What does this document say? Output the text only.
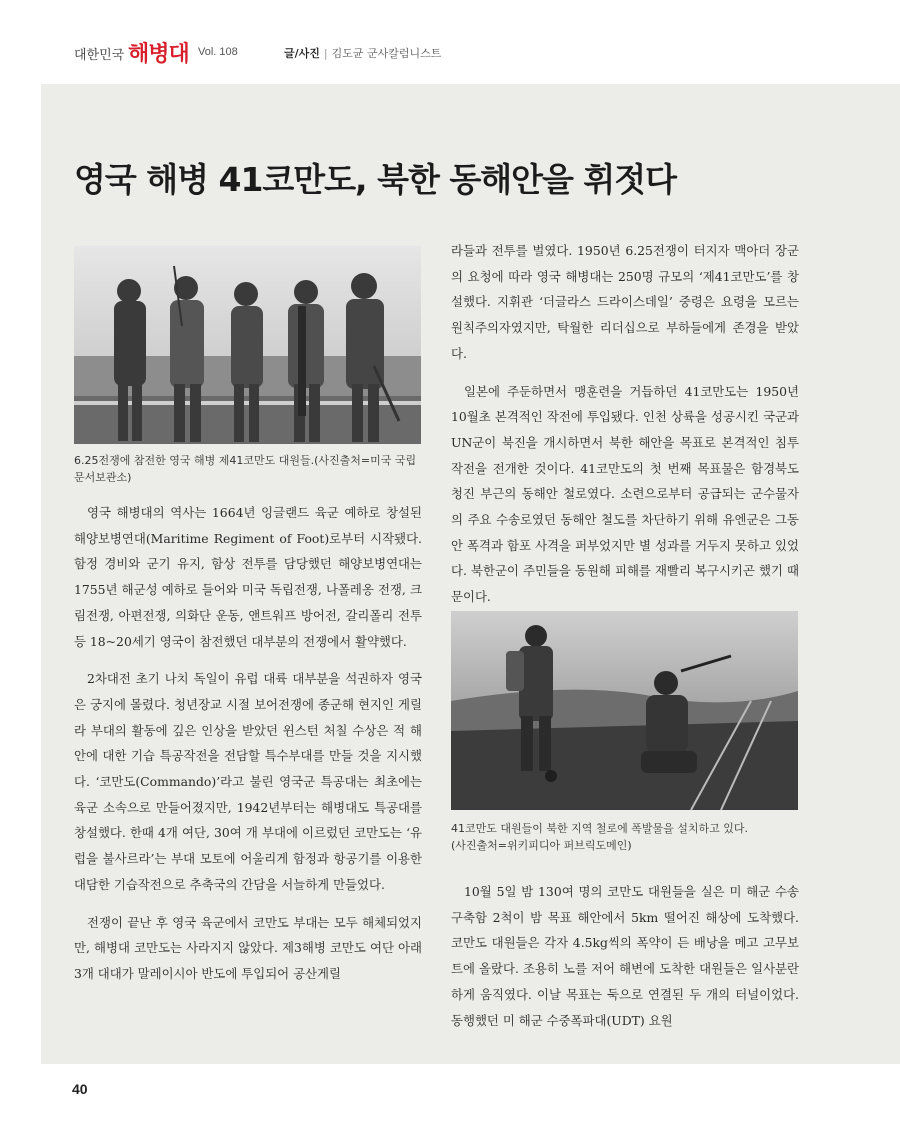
대한민국 해병대 Vol. 108	글/사진 | 김도균 군사칼럼니스트
영국 해병 41코만도, 북한 동해안을 휘젓다
6.25전쟁에 참전한 영국 해병 제41코만도 대원들.(사진출처=미국 국립문서보관소)

영국 해병대의 역사는 1664년 잉글랜드 육군 예하로 창설된 해양보병연대(Maritime Regiment of Foot)로부터 시작됐다. 함정 경비와 군기 유지, 함상 전투를 담당했던 해양보병연대는 1755년 해군성 예하로 들어와 미국 독립전쟁, 나폴레옹 전쟁, 크림전쟁, 아편전쟁, 의화단 운동, 앤트워프 방어전, 갈리폴리 전투 등 18~20세기 영국이 참전했던 대부분의 전쟁에서 활약했다.

2차대전 초기 나치 독일이 유럽 대륙 대부분을 석권하자 영국은 궁지에 몰렸다. 청년장교 시절 보어전쟁에 종군해 현지인 게릴라 부대의 활동에 깊은 인상을 받았던 윈스턴 처칠 수상은 적 해안에 대한 기습 특공작전을 전담할 특수부대를 만들 것을 지시했다. ‘코만도(Commando)’라고 불린 영국군 특공대는 최초에는 육군 소속으로 만들어졌지만, 1942년부터는 해병대도 특공대를 창설했다. 한때 4개 여단, 30여 개 부대에 이르렀던 코만도는 ‘유럽을 불사르라’는 부대 모토에 어울리게 함정과 항공기를 이용한 대담한 기습작전으로 추축국의 간담을 서늘하게 만들었다.

전쟁이 끝난 후 영국 육군에서 코만도 부대는 모두 해체되었지만, 해병대 코만도는 사라지지 않았다. 제3해병 코만도 여단 아래 3개 대대가 말레이시아 반도에 투입되어 공산게릴

라들과 전투를 벌였다. 1950년 6.25전쟁이 터지자 맥아더 장군의 요청에 따라 영국 해병대는 250명 규모의 ‘제41코만도’를 창설했다. 지휘관 ‘더글라스 드라이스데일’ 중령은 요령을 모르는 원칙주의자였지만, 탁월한 리더십으로 부하들에게 존경을 받았다.

일본에 주둔하면서 맹훈련을 거듭하던 41코만도는 1950년 10월초 본격적인 작전에 투입됐다. 인천 상륙을 성공시킨 국군과 UN군이 북진을 개시하면서 북한 해안을 목표로 본격적인 침투작전을 전개한 것이다. 41코만도의 첫 번째 목표물은 함경북도 청진 부근의 동해안 철로였다. 소련으로부터 공급되는 군수물자의 주요 수송로였던 동해안 철도를 차단하기 위해 유엔군은 그동안 폭격과 함포 사격을 퍼부었지만 별 성과를 거두지 못하고 있었다. 북한군이 주민들을 동원해 피해를 재빨리 복구시키곤 했기 때문이다.

41코만도 대원들이 북한 지역 철로에 폭발물을 설치하고 있다.
(사진출처=위키피디아 퍼브릭도메인)

10월 5일 밤 130여 명의 코만도 대원들을 실은 미 해군 수송구축함 2척이 밤 목표 해안에서 5km 떨어진 해상에 도착했다. 코만도 대원들은 각자 4.5kg씩의 폭약이 든 배낭을 메고 고무보트에 올랐다. 조용히 노를 저어 해변에 도착한 대원들은 일사분란하게 움직였다. 이날 목표는 둑으로 연결된 두 개의 터널이었다. 동행했던 미 해군 수중폭파대(UDT) 요원

40
